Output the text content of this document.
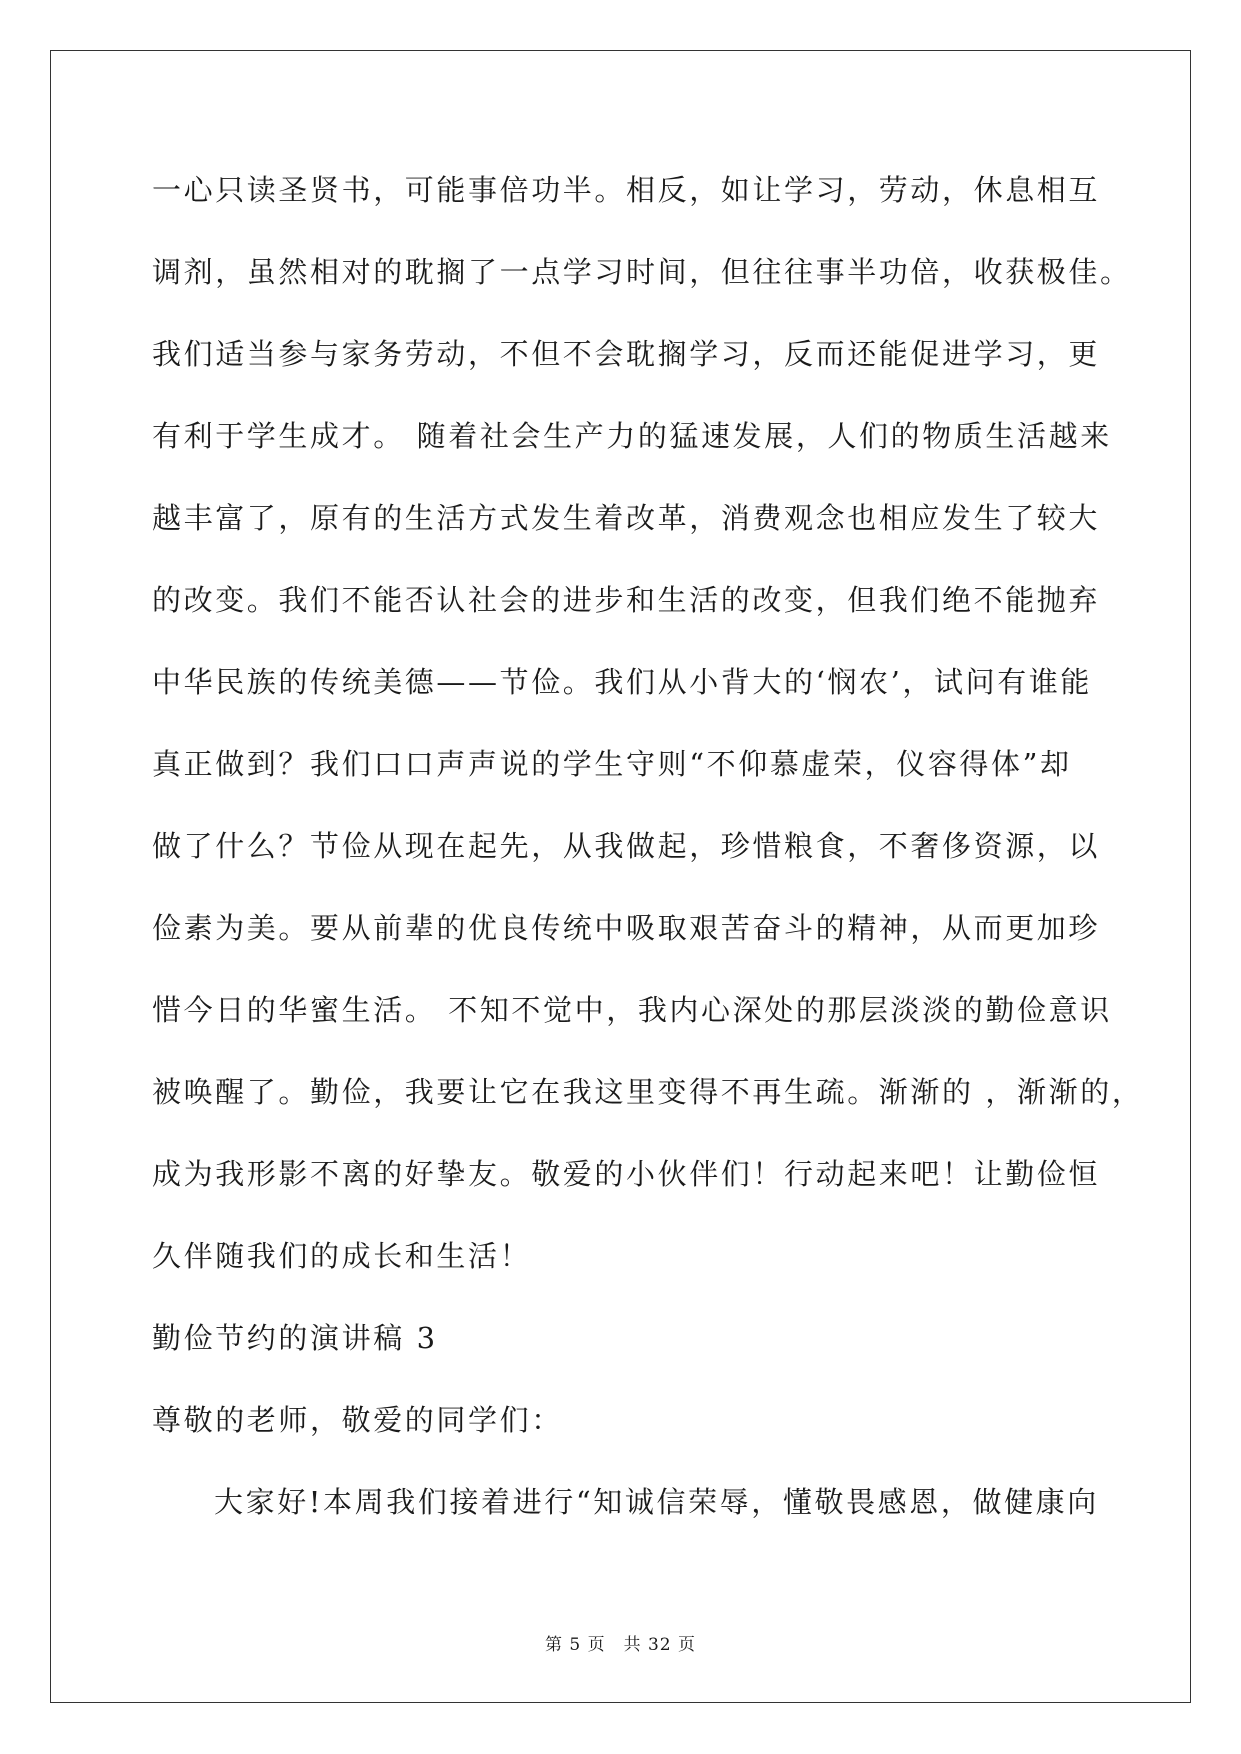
一心只读圣贤书，可能事倍功半。相反，如让学习，劳动，休息相互
调剂，虽然相对的耽搁了一点学习时间，但往往事半功倍，收获极佳。
我们适当参与家务劳动，不但不会耽搁学习，反而还能促进学习，更
有利于学生成才。 随着社会生产力的猛速发展，人们的物质生活越来
越丰富了，原有的生活方式发生着改革，消费观念也相应发生了较大
的改变。我们不能否认社会的进步和生活的改变，但我们绝不能抛弃
中华民族的传统美德——节俭。我们从小背大的‘悯农’，试问有谁能
真正做到？我们口口声声说的学生守则“不仰慕虚荣，仪容得体”却
做了什么？节俭从现在起先，从我做起，珍惜粮食，不奢侈资源，以
俭素为美。要从前辈的优良传统中吸取艰苦奋斗的精神，从而更加珍
惜今日的华蜜生活。 不知不觉中，我内心深处的那层淡淡的勤俭意识
被唤醒了。勤俭，我要让它在我这里变得不再生疏。渐渐的 ，渐渐的，
成为我形影不离的好挚友。敬爱的小伙伴们！行动起来吧！让勤俭恒
久伴随我们的成长和生活！
勤俭节约的演讲稿 3
尊敬的老师，敬爱的同学们：
大家好!本周我们接着进行“知诚信荣辱，懂敬畏感恩，做健康向
第 5 页　共 32 页
